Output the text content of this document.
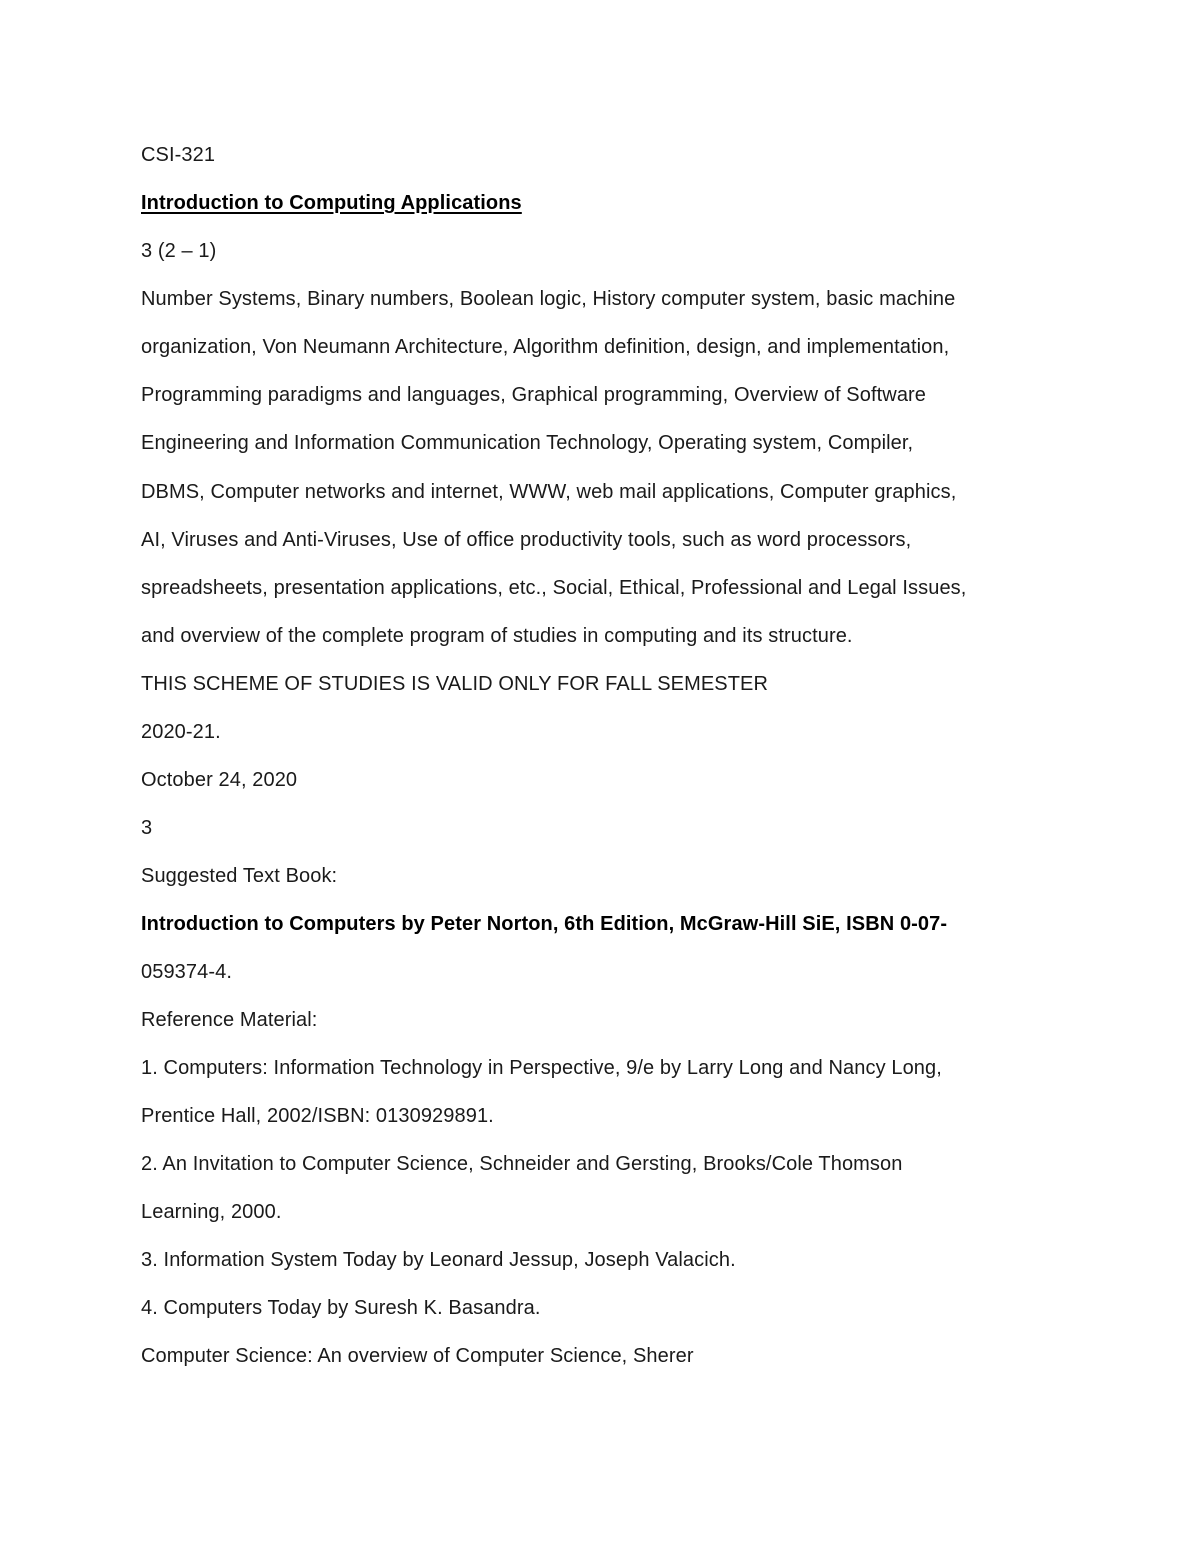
CSI-321
Introduction to Computing Applications
3 (2 – 1)
Number Systems, Binary numbers, Boolean logic, History computer system, basic machine
organization, Von Neumann Architecture, Algorithm definition, design, and implementation,
Programming paradigms and languages, Graphical programming, Overview of Software
Engineering and Information Communication Technology, Operating system, Compiler,
DBMS, Computer networks and internet, WWW, web mail applications, Computer graphics,
AI, Viruses and Anti-Viruses, Use of office productivity tools, such as word processors,
spreadsheets, presentation applications, etc., Social, Ethical, Professional and Legal Issues,
and overview of the complete program of studies in computing and its structure.
THIS SCHEME OF STUDIES IS VALID ONLY FOR FALL SEMESTER
2020-21.
October 24, 2020
3
Suggested Text Book:
Introduction to Computers by Peter Norton, 6th Edition, McGraw-Hill SiE, ISBN 0-07-
059374-4.
Reference Material:
1. Computers: Information Technology in Perspective, 9/e by Larry Long and Nancy Long,
Prentice Hall, 2002/ISBN: 0130929891.
2. An Invitation to Computer Science, Schneider and Gersting, Brooks/Cole Thomson
Learning, 2000.
3. Information System Today by Leonard Jessup, Joseph Valacich.
4. Computers Today by Suresh K. Basandra.
Computer Science: An overview of Computer Science, Sherer
